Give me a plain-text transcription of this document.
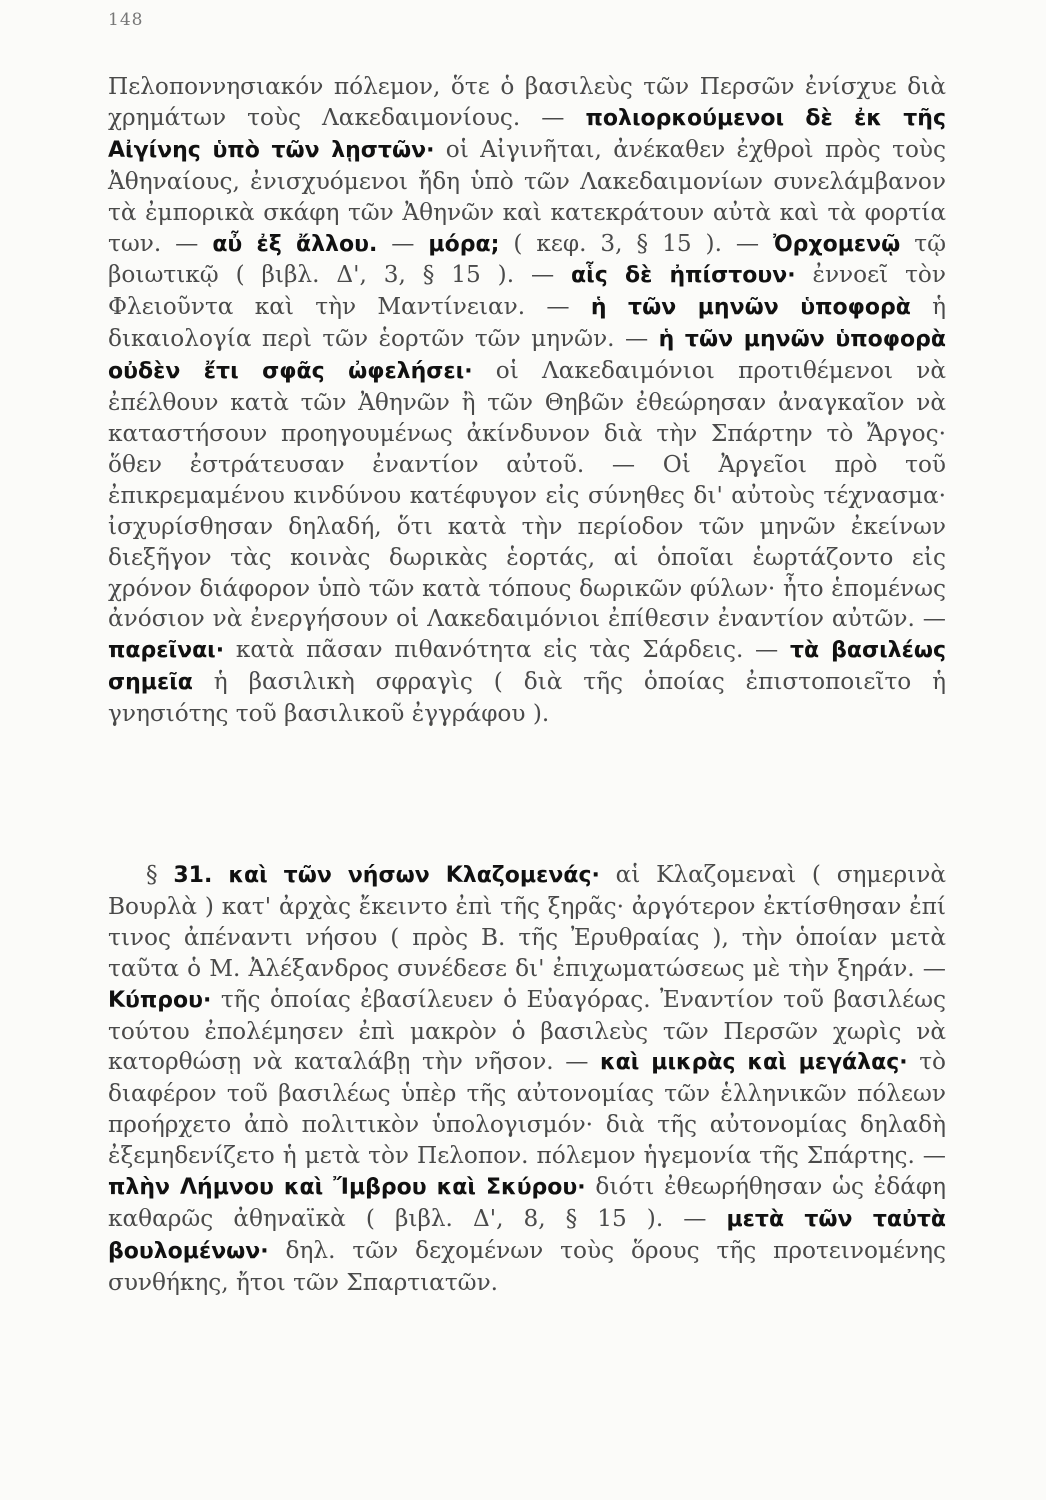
148
Πελοποννησιακόν πόλεμον, ὅτε ὁ βασιλεὺς τῶν Περσῶν ἐνίσχυε διὰ χρημάτων τοὺς Λακεδαιμονίους. — πολιορκούμενοι δὲ ἐκ τῆς Αἰγίνης ὑπὸ τῶν λῃστῶν· οἱ Αἰγινῆται, ἀνέκαθεν ἐχθροὶ πρὸς τοὺς Ἀθηναίους, ἐνισχυόμενοι ἤδη ὑπὸ τῶν Λακεδαιμονίων συνελάμβανον τὰ ἐμπορικὰ σκάφη τῶν Ἀθηνῶν καὶ κατεκράτουν αὐτὰ καὶ τὰ φορτία των. — αὖ ἐξ ἄλλου. — μόρα; ( κεφ. 3, § 15 ). — Ὀρχομενῷ τῷ βοιωτικῷ ( βιβλ. Δ', 3, § 15 ). — αἷς δὲ ἠπίστουν· ἐννοεῖ τὸν Φλειοῦντα καὶ τὴν Μαντίνειαν. — ἡ τῶν μηνῶν ὑποφορὰ ἡ δικαιολογία περὶ τῶν ἑορτῶν τῶν μηνῶν. — ἡ τῶν μηνῶν ὑποφορὰ οὐδὲν ἔτι σφᾶς ὠφελήσει· οἱ Λακεδαιμόνιοι προτιθέμενοι νὰ ἐπέλθουν κατὰ τῶν Ἀθηνῶν ἢ τῶν Θηβῶν ἐθεώρησαν ἀναγκαῖον νὰ καταστήσουν προηγουμένως ἀκίνδυνον διὰ τὴν Σπάρτην τὸ Ἄργος· ὅθεν ἐστράτευσαν ἐναντίον αὐτοῦ. — Οἱ Ἀργεῖοι πρὸ τοῦ ἐπικρεμαμένου κινδύνου κατέφυγον εἰς σύνηθες δι' αὐτοὺς τέχνασμα· ἰσχυρίσθησαν δηλαδή, ὅτι κατὰ τὴν περίοδον τῶν μηνῶν ἐκείνων διεξῆγον τὰς κοινὰς δωρικὰς ἑορτάς, αἱ ὁποῖαι ἑωρτάζοντο εἰς χρόνον διάφορον ὑπὸ τῶν κατὰ τόπους δωρικῶν φύλων· ἦτο ἑπομένως ἀνόσιον νὰ ἐνεργήσουν οἱ Λακεδαιμόνιοι ἐπίθεσιν ἐναντίον αὐτῶν. — παρεῖναι· κατὰ πᾶσαν πιθανότητα εἰς τὰς Σάρδεις. — τὰ βασιλέως σημεῖα ἡ βασιλικὴ σφραγὶς ( διὰ τῆς ὁποίας ἐπιστοποιεῖτο ἡ γνησιότης τοῦ βασιλικοῦ ἐγγράφου ).
§ 31. καὶ τῶν νήσων Κλαζομενάς· αἱ Κλαζομεναὶ ( σημερινὰ Βουρλὰ ) κατ' ἀρχὰς ἔκειντο ἐπὶ τῆς ξηρᾶς· ἀργότερον ἐκτίσθησαν ἐπί τινος ἀπέναντι νήσου ( πρὸς Β. τῆς Ἐρυθραίας ), τὴν ὁποίαν μετὰ ταῦτα ὁ Μ. Ἀλέξανδρος συνέδεσε δι' ἐπιχωματώσεως μὲ τὴν ξηράν. — Κύπρου· τῆς ὁποίας ἐβασίλευεν ὁ Εὐαγόρας. Ἐναντίον τοῦ βασιλέως τούτου ἐπολέμησεν ἐπὶ μακρὸν ὁ βασιλεὺς τῶν Περσῶν χωρὶς νὰ κατορθώσῃ νὰ καταλάβῃ τὴν νῆσον. — καὶ μικρὰς καὶ μεγάλας· τὸ διαφέρον τοῦ βασιλέως ὑπὲρ τῆς αὐτονομίας τῶν ἑλληνικῶν πόλεων προήρχετο ἀπὸ πολιτικὸν ὑπολογισμόν· διὰ τῆς αὐτονομίας δηλαδὴ ἐξεμηδενίζετο ἡ μετὰ τὸν Πελοπον. πόλεμον ἡγεμονία τῆς Σπάρτης. — πλὴν Λήμνου καὶ Ἴμβρου καὶ Σκύρου· διότι ἐθεωρήθησαν ὡς ἐδάφη καθαρῶς ἀθηναϊκὰ ( βιβλ. Δ', 8, § 15 ). — μετὰ τῶν ταὐτὰ βουλομένων· δηλ. τῶν δεχομένων τοὺς ὅρους τῆς προτεινομένης συνθήκης, ἤτοι τῶν Σπαρτιατῶν.
